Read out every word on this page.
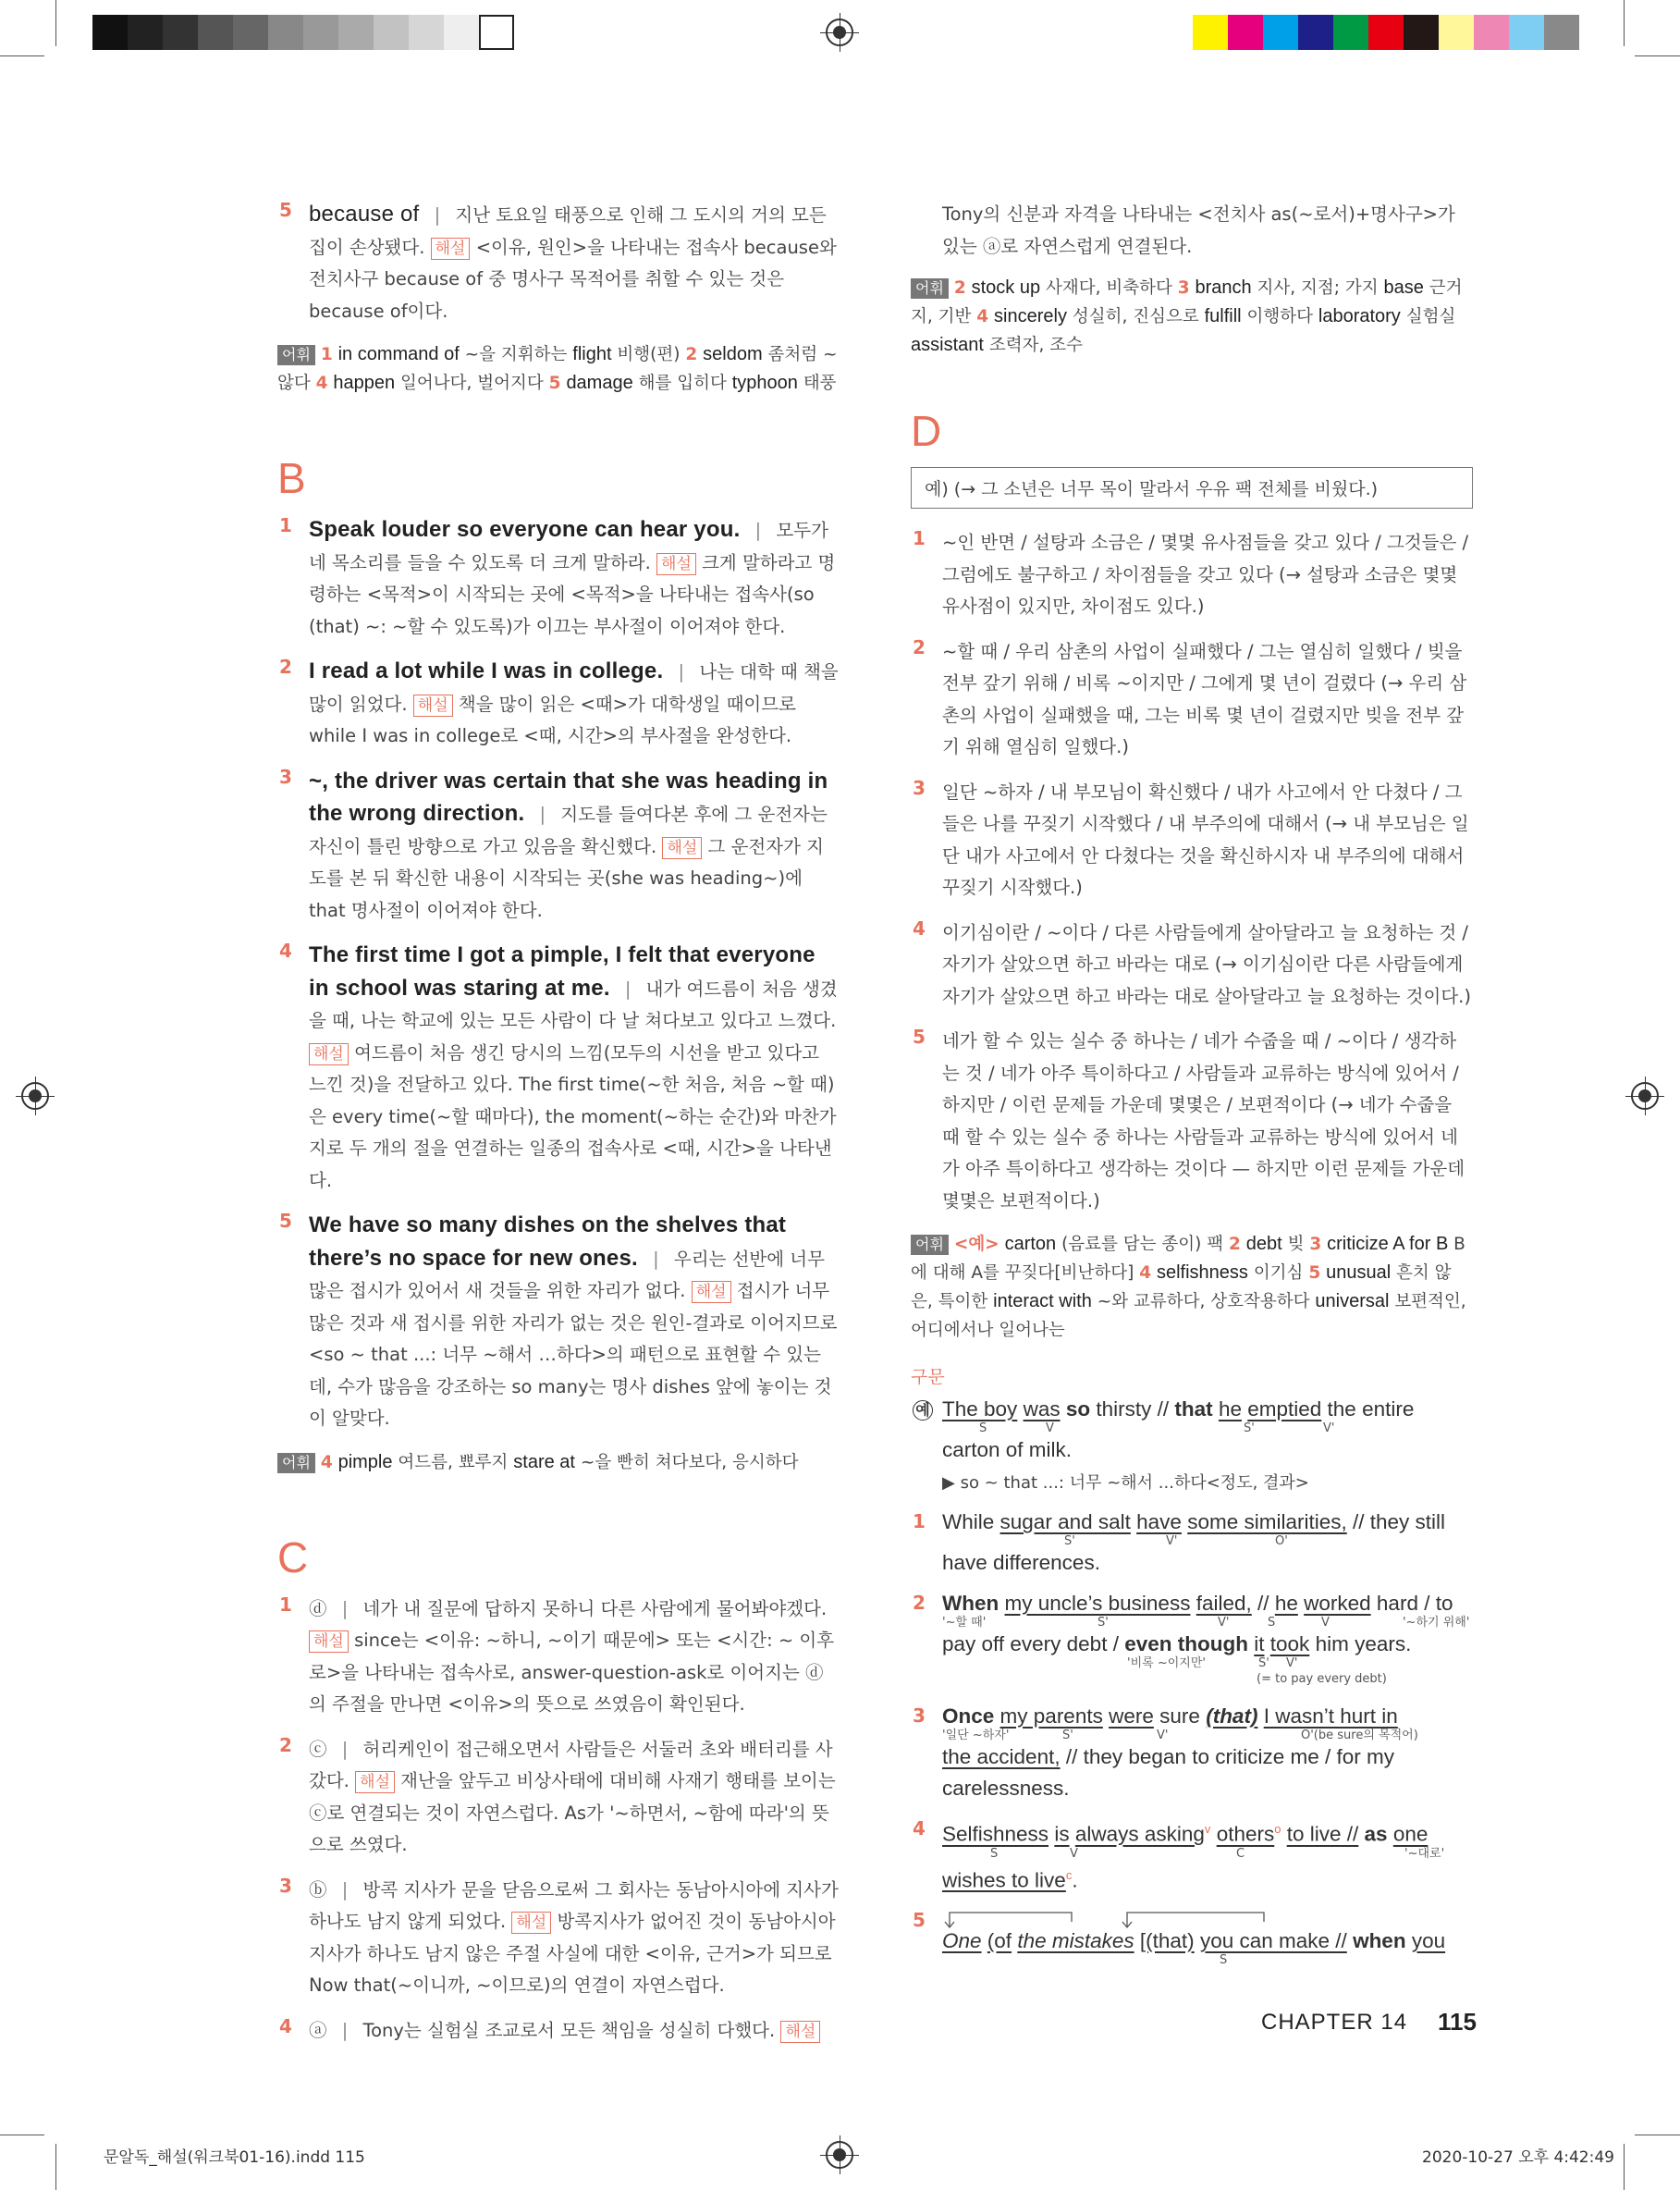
5 because of | 지난 토요일 태풍으로 인해 그 도시의 거의 모든 집이 손상됐다. 해설 <이유, 원인>을 나타내는 접속사 because와 전치사구 because of 중 명사구 목적어를 취할 수 있는 것은 because of이다.
어휘 1 in command of ~을 지휘하는 flight 비행(편) 2 seldom 좀처럼 ~ 않다 4 happen 일어나다, 벌어지다 5 damage 해를 입히다 typhoon 태풍
B
1 Speak louder so everyone can hear you. | 모두가 네 목소리를 들을 수 있도록 더 크게 말하라. 해설 크게 말하라고 명령하는 <목적>이 시작되는 곳에 <목적>을 나타내는 접속사(so (that) ~: ~할 수 있도록)가 이끄는 부사절이 이어져야 한다.
2 I read a lot while I was in college. | 나는 대학 때 책을 많이 읽었다. 해설 책을 많이 읽은 <때>가 대학생일 때이므로 while I was in college로 <때, 시간>의 부사절을 완성한다.
3 ~, the driver was certain that she was heading in the wrong direction. | 지도를 들여다본 후에 그 운전자는 자신이 틀린 방향으로 가고 있음을 확신했다. 해설 그 운전자가 지도를 본 뒤 확신한 내용이 시작되는 곳(she was heading~)에 that 명사절이 이어져야 한다.
4 The first time I got a pimple, I felt that everyone in school was staring at me. | 내가 여드름이 처음 생겼을 때, 나는 학교에 있는 모든 사람이 다 날 쳐다보고 있다고 느꼈다. 해설 여드름이 처음 생긴 당시의 느낌(모두의 시선을 받고 있다고 느낀 것)을 전달하고 있다. The first time(~한 처음, 처음 ~할 때)은 every time(~할 때마다), the moment(~하는 순간)와 마찬가지로 두 개의 절을 연결하는 일종의 접속사로 <때, 시간>을 나타낸다.
5 We have so many dishes on the shelves that there’s no space for new ones. | 우리는 선반에 너무 많은 접시가 있어서 새 것들을 위한 자리가 없다. 해설 접시가 너무 많은 것과 새 접시를 위한 자리가 없는 것은 원인-결과로 이어지므로 <so ~ that ...: 너무 ~해서 …하다>의 패턴으로 표현할 수 있는데, 수가 많음을 강조하는 so many는 명사 dishes 앞에 놓이는 것이 알맞다.
어휘 4 pimple 여드름, 뾰루지 stare at ~을 빤히 쳐다보다, 응시하다
C
1 ⓓ | 네가 내 질문에 답하지 못하니 다른 사람에게 물어봐야겠다. 해설 since는 <이유: ~하니, ~이기 때문에> 또는 <시간: ~ 이후로>을 나타내는 접속사로, answer-question-ask로 이어지는 ⓓ의 주절을 만나면 <이유>의 뜻으로 쓰였음이 확인된다.
2 ⓒ | 허리케인이 접근해오면서 사람들은 서둘러 초와 배터리를 사 갔다. 해설 재난을 앞두고 비상사태에 대비해 사재기 행태를 보이는 ⓒ로 연결되는 것이 자연스럽다. As가 '~하면서, ~함에 따라'의 뜻으로 쓰였다.
3 ⓑ | 방콕 지사가 문을 닫음으로써 그 회사는 동남아시아에 지사가 하나도 남지 않게 되었다. 해설 방콕지사가 없어진 것이 동남아시아 지사가 하나도 남지 않은 주절 사실에 대한 <이유, 근거>가 되므로 Now that(~이니까, ~이므로)의 연결이 자연스럽다.
4 ⓐ | Tony는 실험실 조교로서 모든 책임을 성실히 다했다. 해설
Tony의 신분과 자격을 나타내는 <전치사 as(~로서)+명사구>가 있는 ⓐ로 자연스럽게 연결된다.
어휘 2 stock up 사재다, 비축하다 3 branch 지사, 지점; 가지 base 근거지, 기반 4 sincerely 성실히, 진심으로 fulfill 이행하다 laboratory 실험실 assistant 조력자, 조수
D
예) (→ 그 소년은 너무 목이 말라서 우유 팩 전체를 비웠다.)
1 ~인 반면 / 설탕과 소금은 / 몇몇 유사점들을 갖고 있다 / 그것들은 / 그럼에도 불구하고 / 차이점들을 갖고 있다 (→ 설탕과 소금은 몇몇 유사점이 있지만, 차이점도 있다.)
2 ~할 때 / 우리 삼촌의 사업이 실패했다 / 그는 열심히 일했다 / 빚을 전부 갚기 위해 / 비록 ~이지만 / 그에게 몇 년이 걸렸다 (→ 우리 삼촌의 사업이 실패했을 때, 그는 비록 몇 년이 걸렸지만 빚을 전부 갚기 위해 열심히 일했다.)
3 일단 ~하자 / 내 부모님이 확신했다 / 내가 사고에서 안 다쳤다 / 그들은 나를 꾸짖기 시작했다 / 내 부주의에 대해서 (→ 내 부모님은 일단 내가 사고에서 안 다쳤다는 것을 확신하시자 내 부주의에 대해서 꾸짖기 시작했다.)
4 이기심이란 / ~이다 / 다른 사람들에게 살아달라고 늘 요청하는 것 / 자기가 살았으면 하고 바라는 대로 (→ 이기심이란 다른 사람들에게 자기가 살았으면 하고 바라는 대로 살아달라고 늘 요청하는 것이다.)
5 네가 할 수 있는 실수 중 하나는 / 네가 수줍을 때 / ~이다 / 생각하는 것 / 네가 아주 특이하다고 / 사람들과 교류하는 방식에 있어서 / 하지만 / 이런 문제들 가운데 몇몇은 / 보편적이다 (→ 네가 수줍을 때 할 수 있는 실수 중 하나는 사람들과 교류하는 방식에 있어서 네가 아주 특이하다고 생각하는 것이다 — 하지만 이런 문제들 가운데 몇몇은 보편적이다.)
어휘 <예> carton (음료를 담는 종이) 팩 2 debt 빚 3 criticize A for B B에 대해 A를 꾸짖다[비난하다] 4 selfishness 이기심 5 unusual 흔치 않은, 특이한 interact with ~와 교류하다, 상호작용하다 universal 보편적인, 어디에서나 일어나는
구문
예 The boy was so thirsty // that he emptied the entire
S	V	S'	V'
carton of milk.
▶ so ~ that ...: 너무 ~해서 ...하다<정도, 결과>
1 While sugar and salt have some similarities, // they still
S'	V'	O'
have differences.
2 When my uncle’s business failed, // he worked hard / to
'~할 때'	S'	V'	S	V	'~하기 위해'
pay off every debt / even though it took him years.
'비록 ~이지만'	S' V'
(= to pay every debt)
3 Once my parents were sure (that) I wasn’t hurt in
'일단 ~하자'	S'	V'	O'(be sure의 목적어)
the accident, // they began to criticize me / for my
carelessness.
4 Selfishness is always asking$^v$ others$^o$ to live // as one
S	V	C	'~대로'
wishes to live$^c$.
5
One (of the mistakes [(that) you can make // when you
S
CHAPTER 14 115
문알독_해설(워크북01-16).indd 115	2020-10-27 오후 4:42:49
